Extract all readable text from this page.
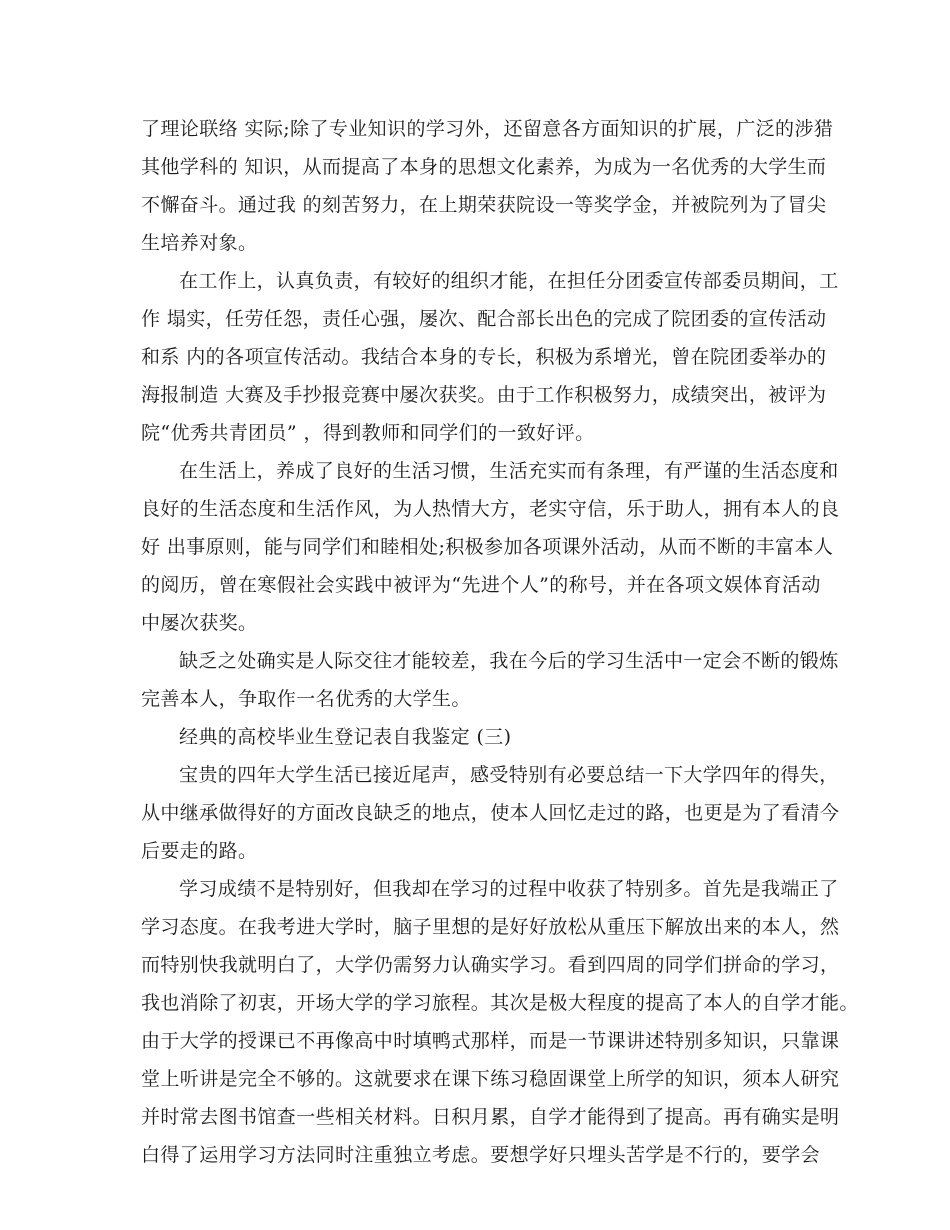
了理论联络 实际;除了专业知识的学习外，还留意各方面知识的扩展，广泛的涉猎
其他学科的 知识，从而提高了本身的思想文化素养，为成为一名优秀的大学生而
不懈奋斗。通过我 的刻苦努力，在上期荣获院设一等奖学金，并被院列为了冒尖
生培养对象。
在工作上，认真负责，有较好的组织才能，在担任分团委宣传部委员期间，工
作 塌实，任劳任怨，责任心强，屡次、配合部长出色的完成了院团委的宣传活动
和系 内的各项宣传活动。我结合本身的专长，积极为系增光，曾在院团委举办的
海报制造 大赛及手抄报竞赛中屡次获奖。由于工作积极努力，成绩突出，被评为
院“优秀共青团员” ，得到教师和同学们的一致好评。
在生活上，养成了良好的生活习惯，生活充实而有条理，有严谨的生活态度和
良好的生活态度和生活作风，为人热情大方，老实守信，乐于助人，拥有本人的良
好 出事原则，能与同学们和睦相处;积极参加各项课外活动，从而不断的丰富本人
的阅历，曾在寒假社会实践中被评为“先进个人”的称号，并在各项文娱体育活动
中屡次获奖。
缺乏之处确实是人际交往才能较差，我在今后的学习生活中一定会不断的锻炼
完善本人，争取作一名优秀的大学生。
经典的高校毕业生登记表自我鉴定 (三)
宝贵的四年大学生活已接近尾声，感受特别有必要总结一下大学四年的得失，
从中继承做得好的方面改良缺乏的地点，使本人回忆走过的路，也更是为了看清今
后要走的路。
学习成绩不是特别好，但我却在学习的过程中收获了特别多。首先是我端正了
学习态度。在我考进大学时，脑子里想的是好好放松从重压下解放出来的本人，然
而特别快我就明白了，大学仍需努力认确实学习。看到四周的同学们拼命的学习，
我也消除了初衷，开场大学的学习旅程。其次是极大程度的提高了本人的自学才能。
由于大学的授课已不再像高中时填鸭式那样，而是一节课讲述特别多知识，只靠课
堂上听讲是完全不够的。这就要求在课下练习稳固课堂上所学的知识，须本人研究
并时常去图书馆查一些相关材料。日积月累，自学才能得到了提高。再有确实是明
白得了运用学习方法同时注重独立考虑。要想学好只埋头苦学是不行的，要学会
